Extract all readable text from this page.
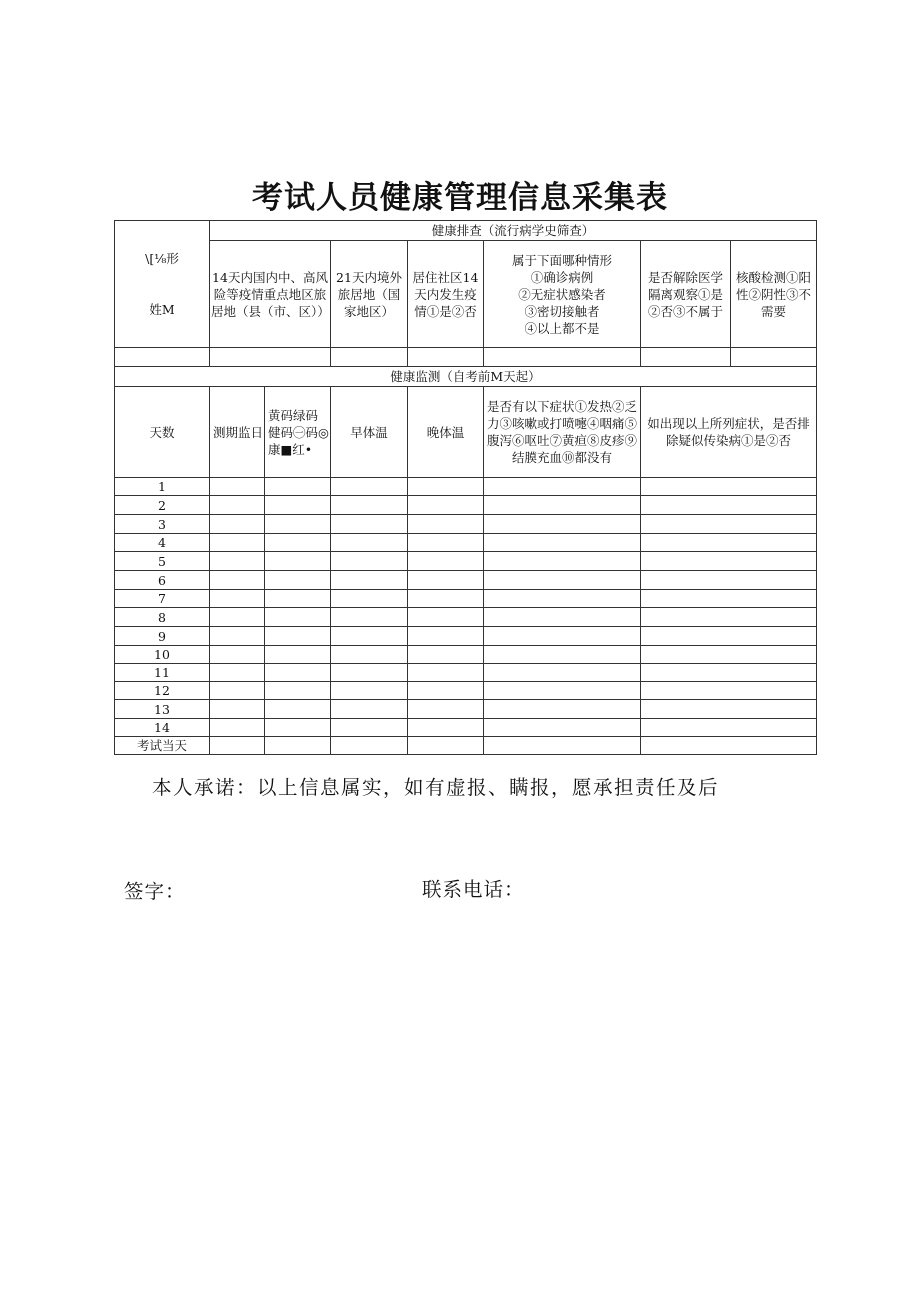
考试人员健康管理信息采集表
\[⅛形
姓M	健康排查（流行病学史筛查）						
	14天内国内中、高风险等疫情重点地区旅居地（县（市、区））		21天内境外旅居地（国家地区）	居住社区14天内发生疫情①是②否	属于下面哪种情形
①确诊病例
②无症状感染者
③密切接触者
④以上都不是	是否解除医学隔离观察①是②否③不属于	核酸检测①阳性②阴性③不需要

健康监测（自考前M天起）							
天数	测期监日	黄码绿码健码㊀码◎康■红•	早体温	晚体温	是否有以下症状①发热②乏力③咳嗽或打喷嚏④咽痛⑤腹泻⑥呕吐⑦黄疸⑧皮疹⑨结膜充血⑩都没有	如出现以上所列症状，是否排除疑似传染病①是②否	
1							
2							
3							
4							
5							
6							
7							
8							
9							
10							
11							
12							
13							
14							
考试当天							
本人承诺：以上信息属实，如有虚报、瞒报，愿承担责任及后
签字：	联系电话：
